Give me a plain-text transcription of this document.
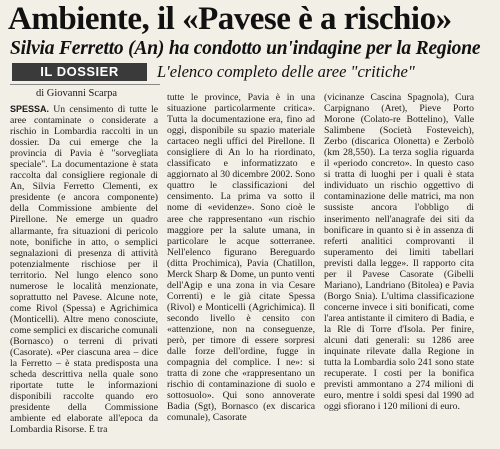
Ambiente, il «Pavese è a rischio»
Silvia Ferretto (An) ha condotto un'indagine per la Regione
IL DOSSIER	L'elenco completo delle aree "critiche"
di Giovanni Scarpa

SPESSA. Un censimento di tutte le aree contaminate o considerate a rischio in Lombardia raccolti in un dossier. Da cui emerge che la provincia di Pavia è "sorvegliata speciale". La documentazione è stata raccolta dal consigliere regionale di An, Silvia Ferretto Clementi, ex presidente (e ancora componente) della Commissione ambiente del Pirellone. Ne emerge un quadro allarmante, fra situazioni di pericolo note, bonifiche in atto, o semplici segnalazioni di presenza di attività potenzialmente rischiose per il territorio. Nel lungo elenco sono numerose le località menzionate, soprattutto nel Pavese. Alcune note, come Rivol (Spessa) e Agrichimica (Monticelli). Altre meno conosciute, come semplici ex discariche comunali (Bornasco) o terreni di privati (Casorate). «Per ciascuna area – dice la Ferretto – è stata predisposta una scheda descrittiva nella quale sono riportate tutte le informazioni disponibili raccolte quando ero presidente della Commissione ambiente ed elaborate all'epoca da Lombardia Risorse. E tra

tutte le province, Pavia è in una situazione particolarmente critica». Tutta la documentazione era, fino ad oggi, disponibile su spazio materiale cartaceo negli uffici del Pirellone. Il consigliere di An lo ha riordinato, classificato e informatizzato e aggiornato al 30 dicembre 2002. Sono quattro le classificazioni del censimento. La prima va sotto il nome di «evidenze». Sono cioè le aree che rappresentano «un rischio maggiore per la salute umana, in particolare le acque sotterranee. Nell'elenco figurano Bereguardo (ditta Prochimica), Pavia (Chatillon, Merck Sharp & Dome, un punto venti dell'Agip e una zona in via Cesare Correnti) e le già citate Spessa (Rivol) e Monticelli (Agrichimica). Il secondo livello è censito con «attenzione, non na conseguenze, però, per timore di essere sorpresi dalle forze dell'ordine, fugge in compagnia del complice. I ne»: si tratta di zone che «rappresentano un rischio di contaminazione di suolo e sottosuolo». Qui sono annoverate Badia (Sgt), Bornasco (ex discarica comunale), Casorate

(vicinanze Cascina Spagnola), Cura Carpignano (Aret), Pieve Porto Morone (Colato-re Bottelino), Valle Salimbene (Società Fosteveich), Zerbo (discarica Olonetta) e Zerbolò (km 28,550). La terza soglia riguarda il «periodo concreto». In questo caso si tratta di luoghi per i quali è stata individuato un rischio oggettivo di contaminazione delle matrici, ma non sussiste ancora l'obbligo di inserimento nell'anagrafe dei siti da bonificare in quanto si è in assenza di referti analitici comprovanti il superamento dei limiti tabellari previsti dalla legge». Il rapporto cita per il Pavese Casorate (Gibelli Mariano), Landriano (Bitolea) e Pavia (Borgo Snia). L'ultima classificazione concerne invece i siti bonificati, come l'area antistante il cimitero di Badia, e la Rle di Torre d'Isola. Per finire, alcuni dati generali: su 1286 aree inquinate rilevate dalla Regione in tutta la Lombardia solo 241 sono state recuperate. I costi per la bonifica previsti ammontano a 274 milioni di euro, mentre i soldi spesi dal 1990 ad oggi sfiorano i 120 milioni di euro.
